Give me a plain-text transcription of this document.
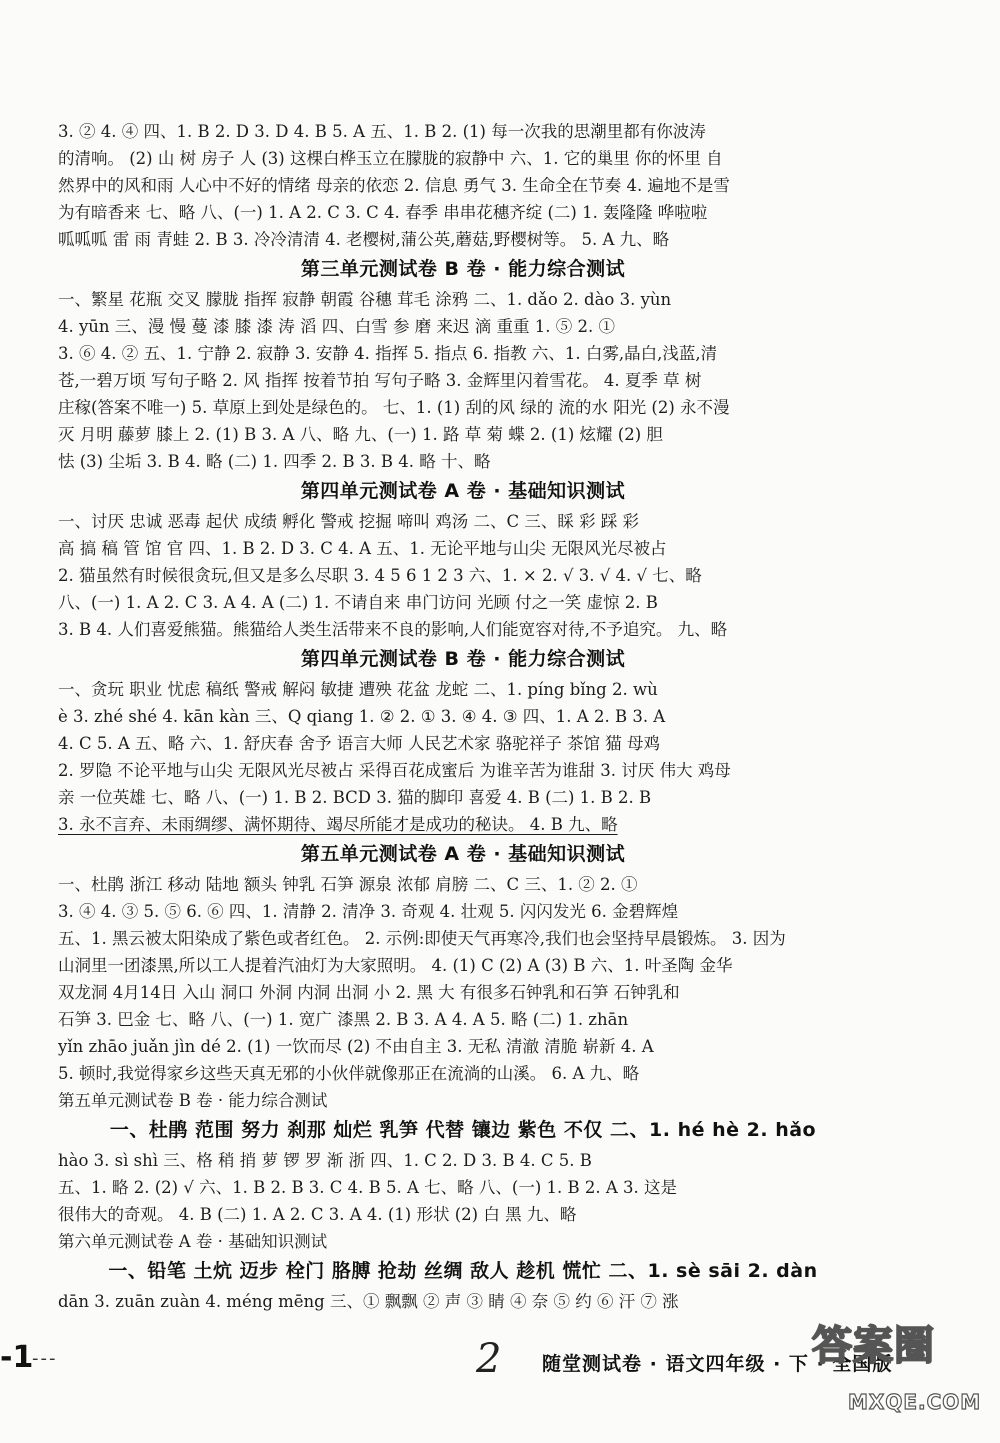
3. ② 4. ④ 四、1. B 2. D 3. D 4. B 5. A 五、1. B 2. (1) 每一次我的思潮里都有你波涛
的清响。 (2) 山 树 房子 人 (3) 这棵白桦玉立在朦胧的寂静中 六、1. 它的巢里 你的怀里 自
然界中的风和雨 人心中不好的情绪 母亲的依恋 2. 信息 勇气 3. 生命全在节奏 4. 遍地不是雪
为有暗香来 七、略 八、(一) 1. A 2. C 3. C 4. 春季 串串花穗齐绽 (二) 1. 轰隆隆 哗啦啦
呱呱呱 雷 雨 青蛙 2. B 3. 冷冷清清 4. 老樱树,蒲公英,蘑菇,野樱树等。 5. A 九、略
第三单元测试卷 B 卷 · 能力综合测试
一、繁星 花瓶 交叉 朦胧 指挥 寂静 朝霞 谷穗 茸毛 涂鸦 二、1. dǎo 2. dào 3. yùn
4. yūn 三、漫 慢 蔓 漆 膝 漆 涛 滔 四、白雪 参 磨 来迟 滴 重重 1. ⑤ 2. ①
3. ⑥ 4. ② 五、1. 宁静 2. 寂静 3. 安静 4. 指挥 5. 指点 6. 指教 六、1. 白雾,晶白,浅蓝,清
苍,一碧万顷 写句子略 2. 风 指挥 按着节拍 写句子略 3. 金辉里闪着雪花。 4. 夏季 草 树
庄稼(答案不唯一) 5. 草原上到处是绿色的。 七、1. (1) 刮的风 绿的 流的水 阳光 (2) 永不漫
灭 月明 藤萝 膝上 2. (1) B 3. A 八、略 九、(一) 1. 路 草 菊 蝶 2. (1) 炫耀 (2) 胆
怯 (3) 尘垢 3. B 4. 略 (二) 1. 四季 2. B 3. B 4. 略 十、略
第四单元测试卷 A 卷 · 基础知识测试
一、讨厌 忠诚 恶毒 起伏 成绩 孵化 警戒 挖掘 啼叫 鸡汤 二、C 三、睬 彩 踩 彩
高 搞 稿 管 馆 官 四、1. B 2. D 3. C 4. A 五、1. 无论平地与山尖 无限风光尽被占
2. 猫虽然有时候很贪玩,但又是多么尽职 3. 4 5 6 1 2 3 六、1. × 2. √ 3. √ 4. √ 七、略
八、(一) 1. A 2. C 3. A 4. A (二) 1. 不请自来 串门访问 光顾 付之一笑 虚惊 2. B
3. B 4. 人们喜爱熊猫。熊猫给人类生活带来不良的影响,人们能宽容对待,不予追究。 九、略
第四单元测试卷 B 卷 · 能力综合测试
一、贪玩 职业 忧虑 稿纸 警戒 解闷 敏捷 遭殃 花盆 龙蛇 二、1. píng bǐng 2. wù
è 3. zhé shé 4. kān kàn 三、Q qiang 1. ② 2. ① 3. ④ 4. ③ 四、1. A 2. B 3. A
4. C 5. A 五、略 六、1. 舒庆春 舍予 语言大师 人民艺术家 骆驼祥子 茶馆 猫 母鸡
2. 罗隐 不论平地与山尖 无限风光尽被占 采得百花成蜜后 为谁辛苦为谁甜 3. 讨厌 伟大 鸡母
亲 一位英雄 七、略 八、(一) 1. B 2. BCD 3. 猫的脚印 喜爱 4. B (二) 1. B 2. B
3. 永不言弃、未雨绸缪、满怀期待、竭尽所能才是成功的秘诀。 4. B 九、略
第五单元测试卷 A 卷 · 基础知识测试
一、杜鹃 浙江 移动 陆地 额头 钟乳 石笋 源泉 浓郁 肩膀 二、C 三、1. ② 2. ①
3. ④ 4. ③ 5. ⑤ 6. ⑥ 四、1. 清静 2. 清净 3. 奇观 4. 壮观 5. 闪闪发光 6. 金碧辉煌
五、1. 黑云被太阳染成了紫色或者红色。 2. 示例:即使天气再寒冷,我们也会坚持早晨锻炼。 3. 因为
山洞里一团漆黑,所以工人提着汽油灯为大家照明。 4. (1) C (2) A (3) B 六、1. 叶圣陶 金华
双龙洞 4月14日 入山 洞口 外洞 内洞 出洞 小 2. 黑 大 有很多石钟乳和石笋 石钟乳和
石笋 3. 巴金 七、略 八、(一) 1. 宽广 漆黑 2. B 3. A 4. A 5. 略 (二) 1. zhān
yǐn zhāo juǎn jìn dé 2. (1) 一饮而尽 (2) 不由自主 3. 无私 清澈 清脆 崭新 4. A
5. 顿时,我觉得家乡这些天真无邪的小伙伴就像那正在流淌的山溪。 6. A 九、略
第五单元测试卷 B 卷 · 能力综合测试
一、杜鹃 范围 努力 刹那 灿烂 乳笋 代替 镶边 紫色 不仅 二、1. hé hè 2. hǎo
hào 3. sì shì 三、格 稍 捎 萝 锣 罗 渐 浙 四、1. C 2. D 3. B 4. C 5. B
五、1. 略 2. (2) √ 六、1. B 2. B 3. C 4. B 5. A 七、略 八、(一) 1. B 2. A 3. 这是
很伟大的奇观。 4. B (二) 1. A 2. C 3. A 4. (1) 形状 (2) 白 黑 九、略
第六单元测试卷 A 卷 · 基础知识测试
一、铅笔 土炕 迈步 栓门 胳膊 抢劫 丝绸 敌人 趁机 慌忙 二、1. sè sāi 2. dàn
dān 3. zuān zuàn 4. méng mēng 三、① 飘飘 ② 声 ③ 睛 ④ 奈 ⑤ 约 ⑥ 汗 ⑦ 涨
-1
---	2 随堂测试卷 · 语文四年级 · 下 · 全国版
答案圈
MXQE.COM
